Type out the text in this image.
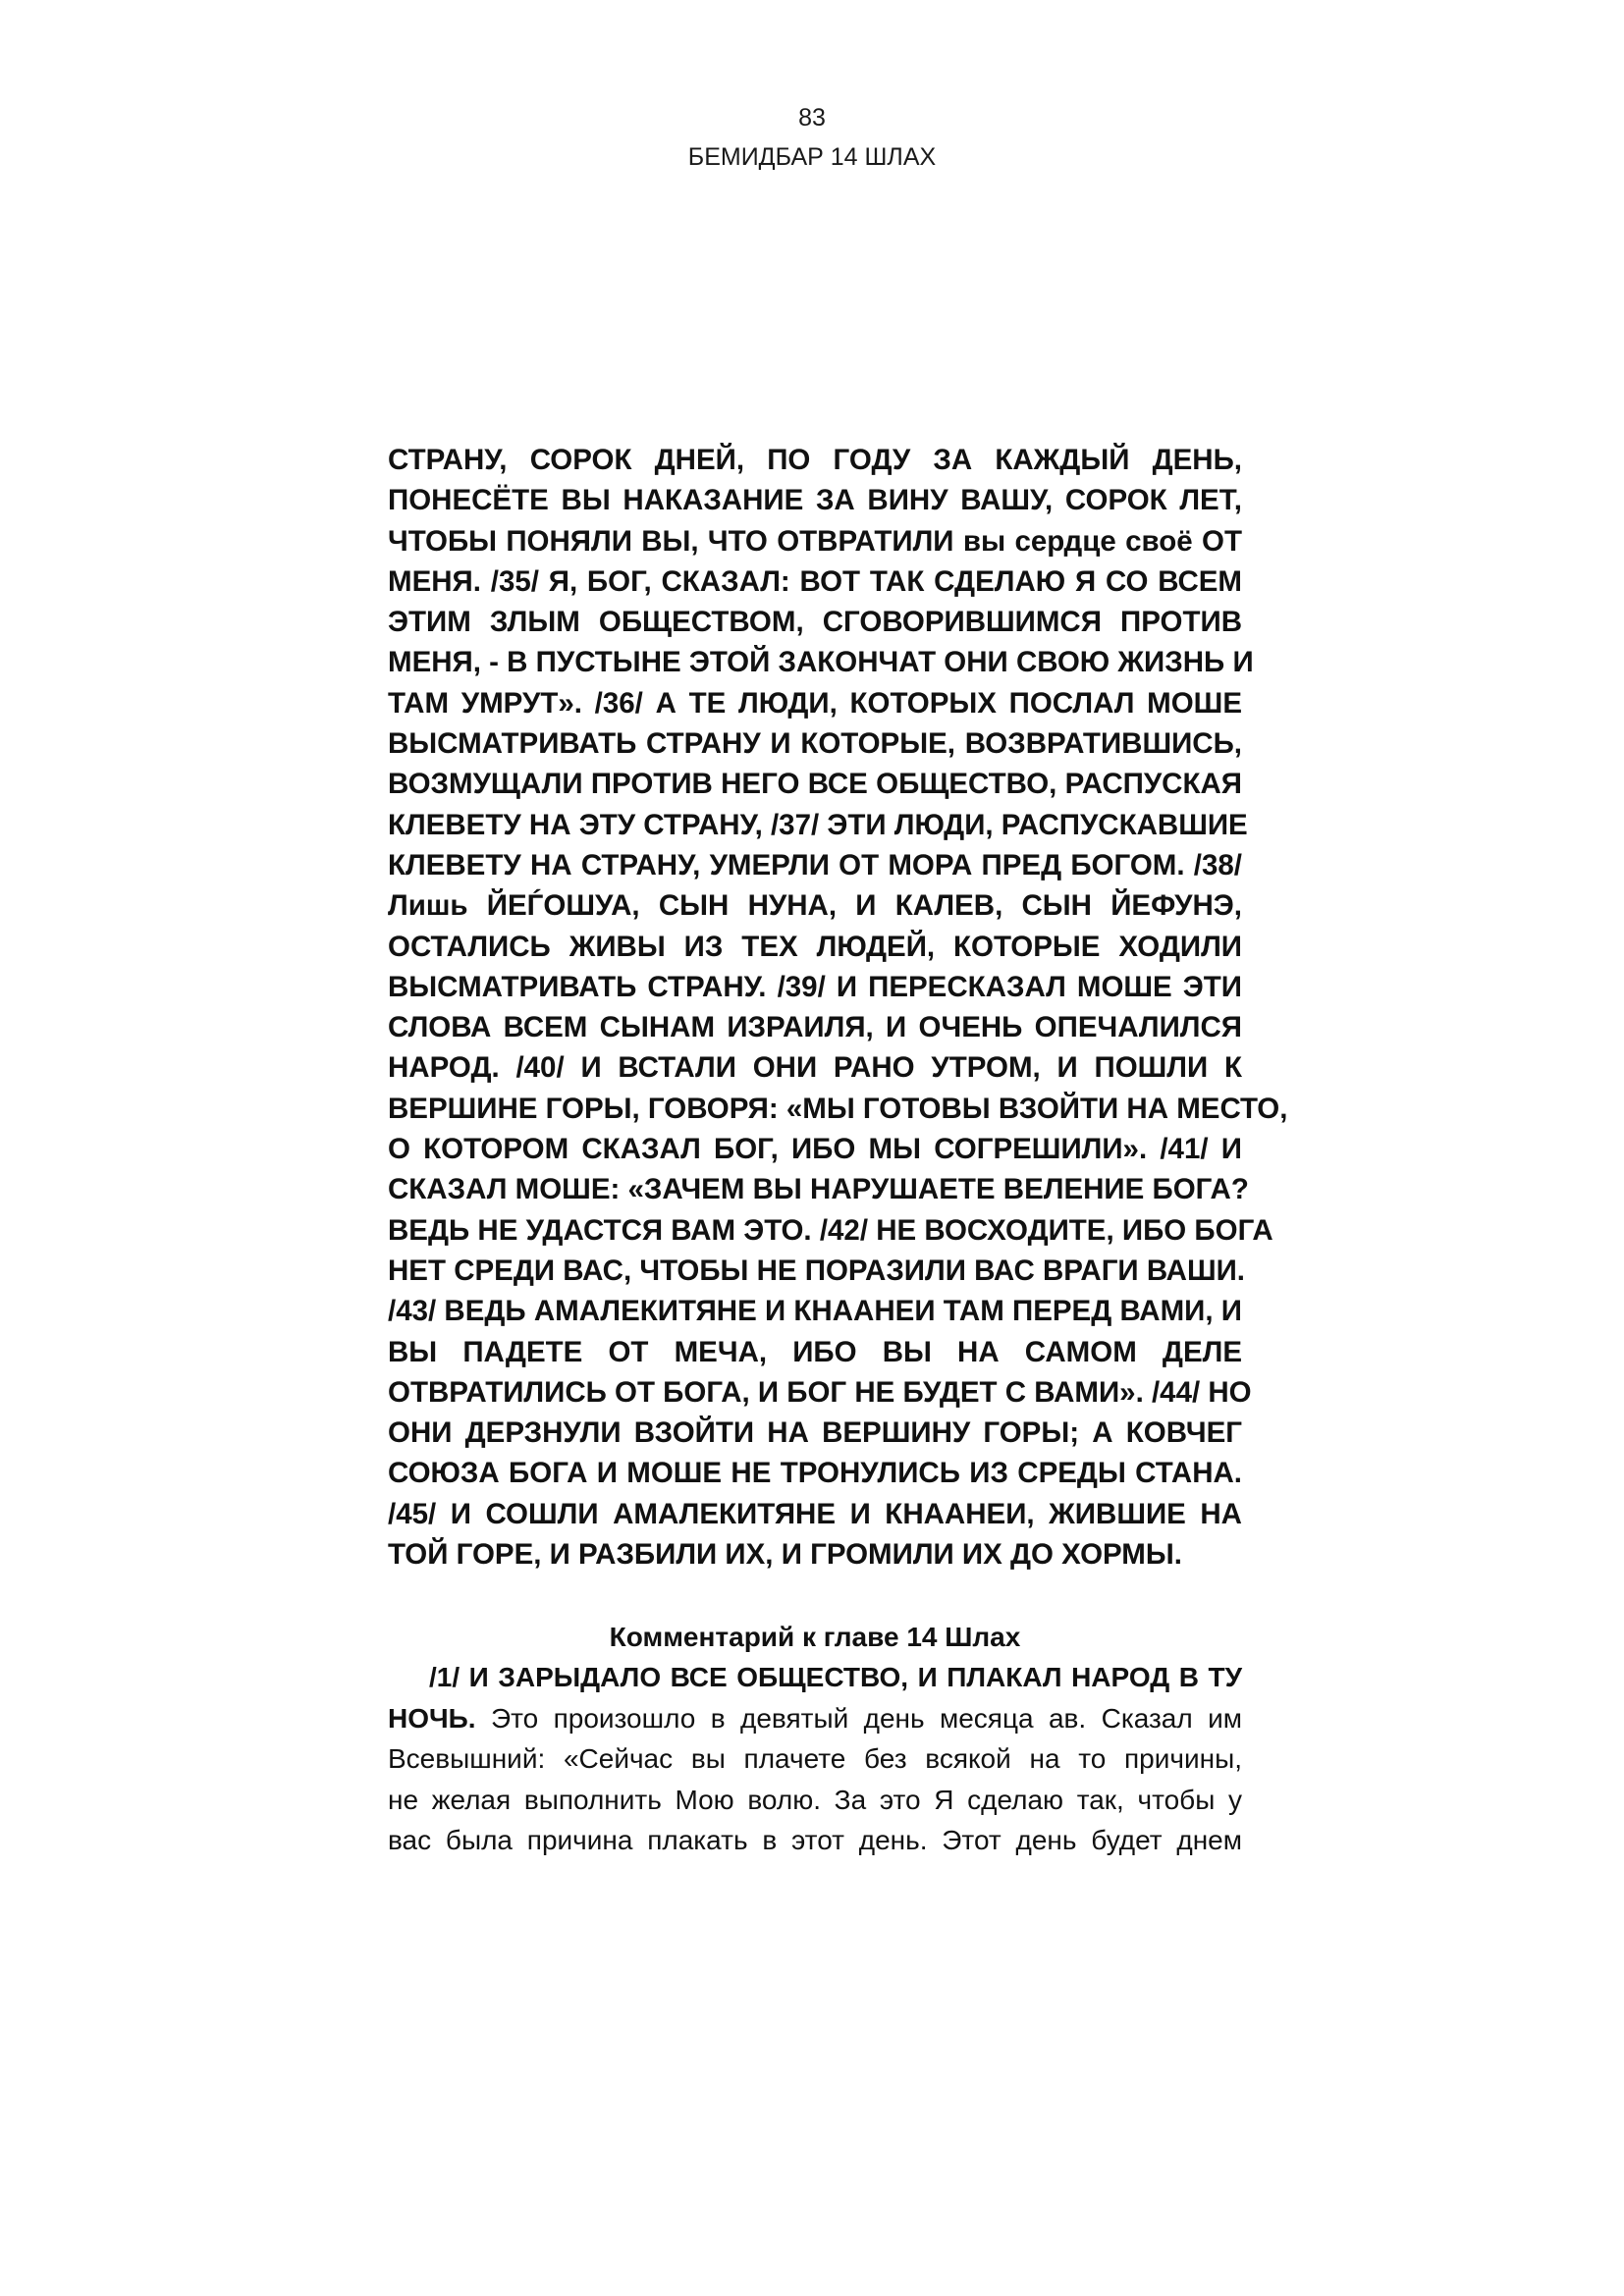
83
БЕМИДБАР 14 ШЛАХ
СТРАНУ, СОРОК ДНЕЙ, ПО ГОДУ ЗА КАЖДЫЙ ДЕНЬ,
ПОНЕСЁТЕ ВЫ НАКАЗАНИЕ ЗА ВИНУ ВАШУ, СОРОК ЛЕТ,
ЧТОБЫ ПОНЯЛИ ВЫ, ЧТО ОТВРАТИЛИ вы сердце своё ОТ
МЕНЯ. /35/ Я, БОГ, СКАЗАЛ: ВОТ ТАК СДЕЛАЮ Я СО ВСЕМ
ЭТИМ ЗЛЫМ ОБЩЕСТВОМ, СГОВОРИВШИМСЯ ПРОТИВ
МЕНЯ, - В ПУСТЫНЕ ЭТОЙ ЗАКОНЧАТ ОНИ СВОЮ ЖИЗНЬ И
ТАМ УМРУТ». /36/ А ТЕ ЛЮДИ, КОТОРЫХ ПОСЛАЛ МОШЕ
ВЫСМАТРИВАТЬ СТРАНУ И КОТОРЫЕ, ВОЗВРАТИВШИСЬ,
ВОЗМУЩАЛИ ПРОТИВ НЕГО ВСЕ ОБЩЕСТВО, РАСПУСКАЯ
КЛЕВЕТУ НА ЭТУ СТРАНУ, /37/ ЭТИ ЛЮДИ, РАСПУСКАВШИЕ
КЛЕВЕТУ НА СТРАНУ, УМЕРЛИ ОТ МОРА ПРЕД БОГОМ. /38/
Лишь ЙЕЃОШУА, СЫН НУНА, И КАЛЕВ, СЫН ЙЕФУНЭ,
ОСТАЛИСЬ ЖИВЫ ИЗ ТЕХ ЛЮДЕЙ, КОТОРЫЕ ХОДИЛИ
ВЫСМАТРИВАТЬ СТРАНУ. /39/ И ПЕРЕСКАЗАЛ МОШЕ ЭТИ
СЛОВА ВСЕМ СЫНАМ ИЗРАИЛЯ, И ОЧЕНЬ ОПЕЧАЛИЛСЯ
НАРОД. /40/ И ВСТАЛИ ОНИ РАНО УТРОМ, И ПОШЛИ К
ВЕРШИНЕ ГОРЫ, ГОВОРЯ: «МЫ ГОТОВЫ ВЗОЙТИ НА МЕСТО,
О КОТОРОМ СКАЗАЛ БОГ, ИБО МЫ СОГРЕШИЛИ». /41/ И
СКАЗАЛ МОШЕ: «ЗАЧЕМ ВЫ НАРУШАЕТЕ ВЕЛЕНИЕ БОГА?
ВЕДЬ НЕ УДАСТСЯ ВАМ ЭТО. /42/ НЕ ВОСХОДИТЕ, ИБО БОГА
НЕТ СРЕДИ ВАС, ЧТОБЫ НЕ ПОРАЗИЛИ ВАС ВРАГИ ВАШИ.
/43/ ВЕДЬ АМАЛЕКИТЯНЕ И КНААНЕИ ТАМ ПЕРЕД ВАМИ, И
ВЫ ПАДЕТЕ ОТ МЕЧА, ИБО ВЫ НА САМОМ ДЕЛЕ
ОТВРАТИЛИСЬ ОТ БОГА, И БОГ НЕ БУДЕТ С ВАМИ». /44/ НО
ОНИ ДЕРЗНУЛИ ВЗОЙТИ НА ВЕРШИНУ ГОРЫ; А КОВЧЕГ
СОЮЗА БОГА И МОШЕ НЕ ТРОНУЛИСЬ ИЗ СРЕДЫ СТАНА.
/45/ И СОШЛИ АМАЛЕКИТЯНЕ И КНААНЕИ, ЖИВШИЕ НА
ТОЙ ГОРЕ, И РАЗБИЛИ ИХ, И ГРОМИЛИ ИХ ДО ХОРМЫ.
Комментарий к главе 14 Шлах
/1/ И ЗАРЫДАЛО ВСЕ ОБЩЕСТВО, И ПЛАКАЛ НАРОД В ТУ
НОЧЬ. Это произошло в девятый день месяца ав. Сказал им
Всевышний: «Сейчас вы плачете без всякой на то причины,
не желая выполнить Мою волю. За это Я сделаю так, чтобы у
вас была причина плакать в этот день. Этот день будет днем
